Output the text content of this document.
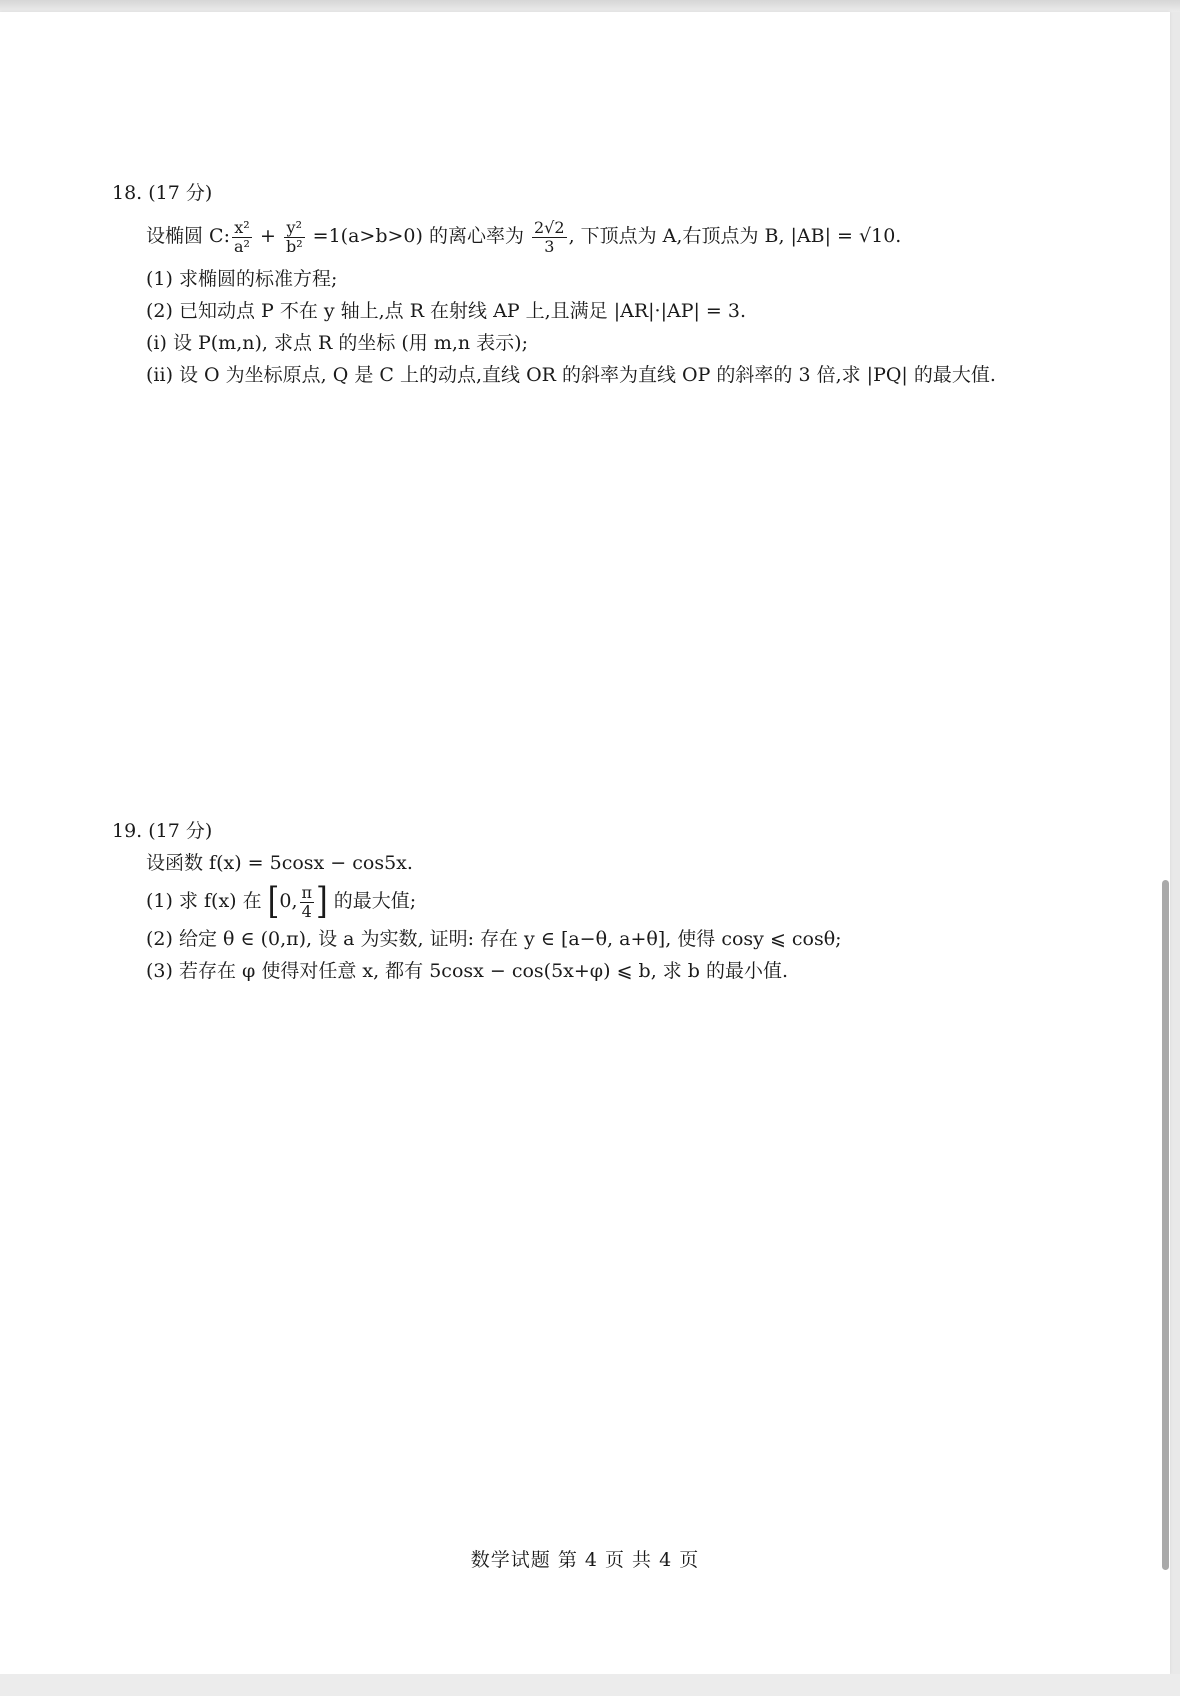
18. (17 分)
设椭圆 C: $\frac{\text{x²}}{\text{a²}} + \frac{\text{y²}}{\text{b²}} =1(a>b>0)$ 的离心率为 $\frac{2√2}{3}$ , 下顶点为 A,右顶点为 B, |AB| = √10.
(1) 求椭圆的标准方程;
(2) 已知动点 P 不在 y 轴上,点 R 在射线 AP 上,且满足 |AR|·|AP| = 3.
(i) 设 P(m,n), 求点 R 的坐标 (用 m,n 表示);
(ii) 设 O 为坐标原点, Q 是 C 上的动点,直线 OR 的斜率为直线 OP 的斜率的 3 倍,求 |PQ| 的最大值.
19. (17 分)
设函数 f(x) = 5cosx − cos5x.
(1) 求 f(x) 在 [0, $\frac{\pi}{4}$ ] 的最大值;
(2) 给定 θ ∈ (0,π), 设 a 为实数, 证明: 存在 y ∈ [a−θ, a+θ], 使得 cosy ⩽ cosθ;
(3) 若存在 φ 使得对任意 x, 都有 5cosx − cos(5x+φ) ⩽ b, 求 b 的最小值.
数学试题 第 4 页 共 4 页
